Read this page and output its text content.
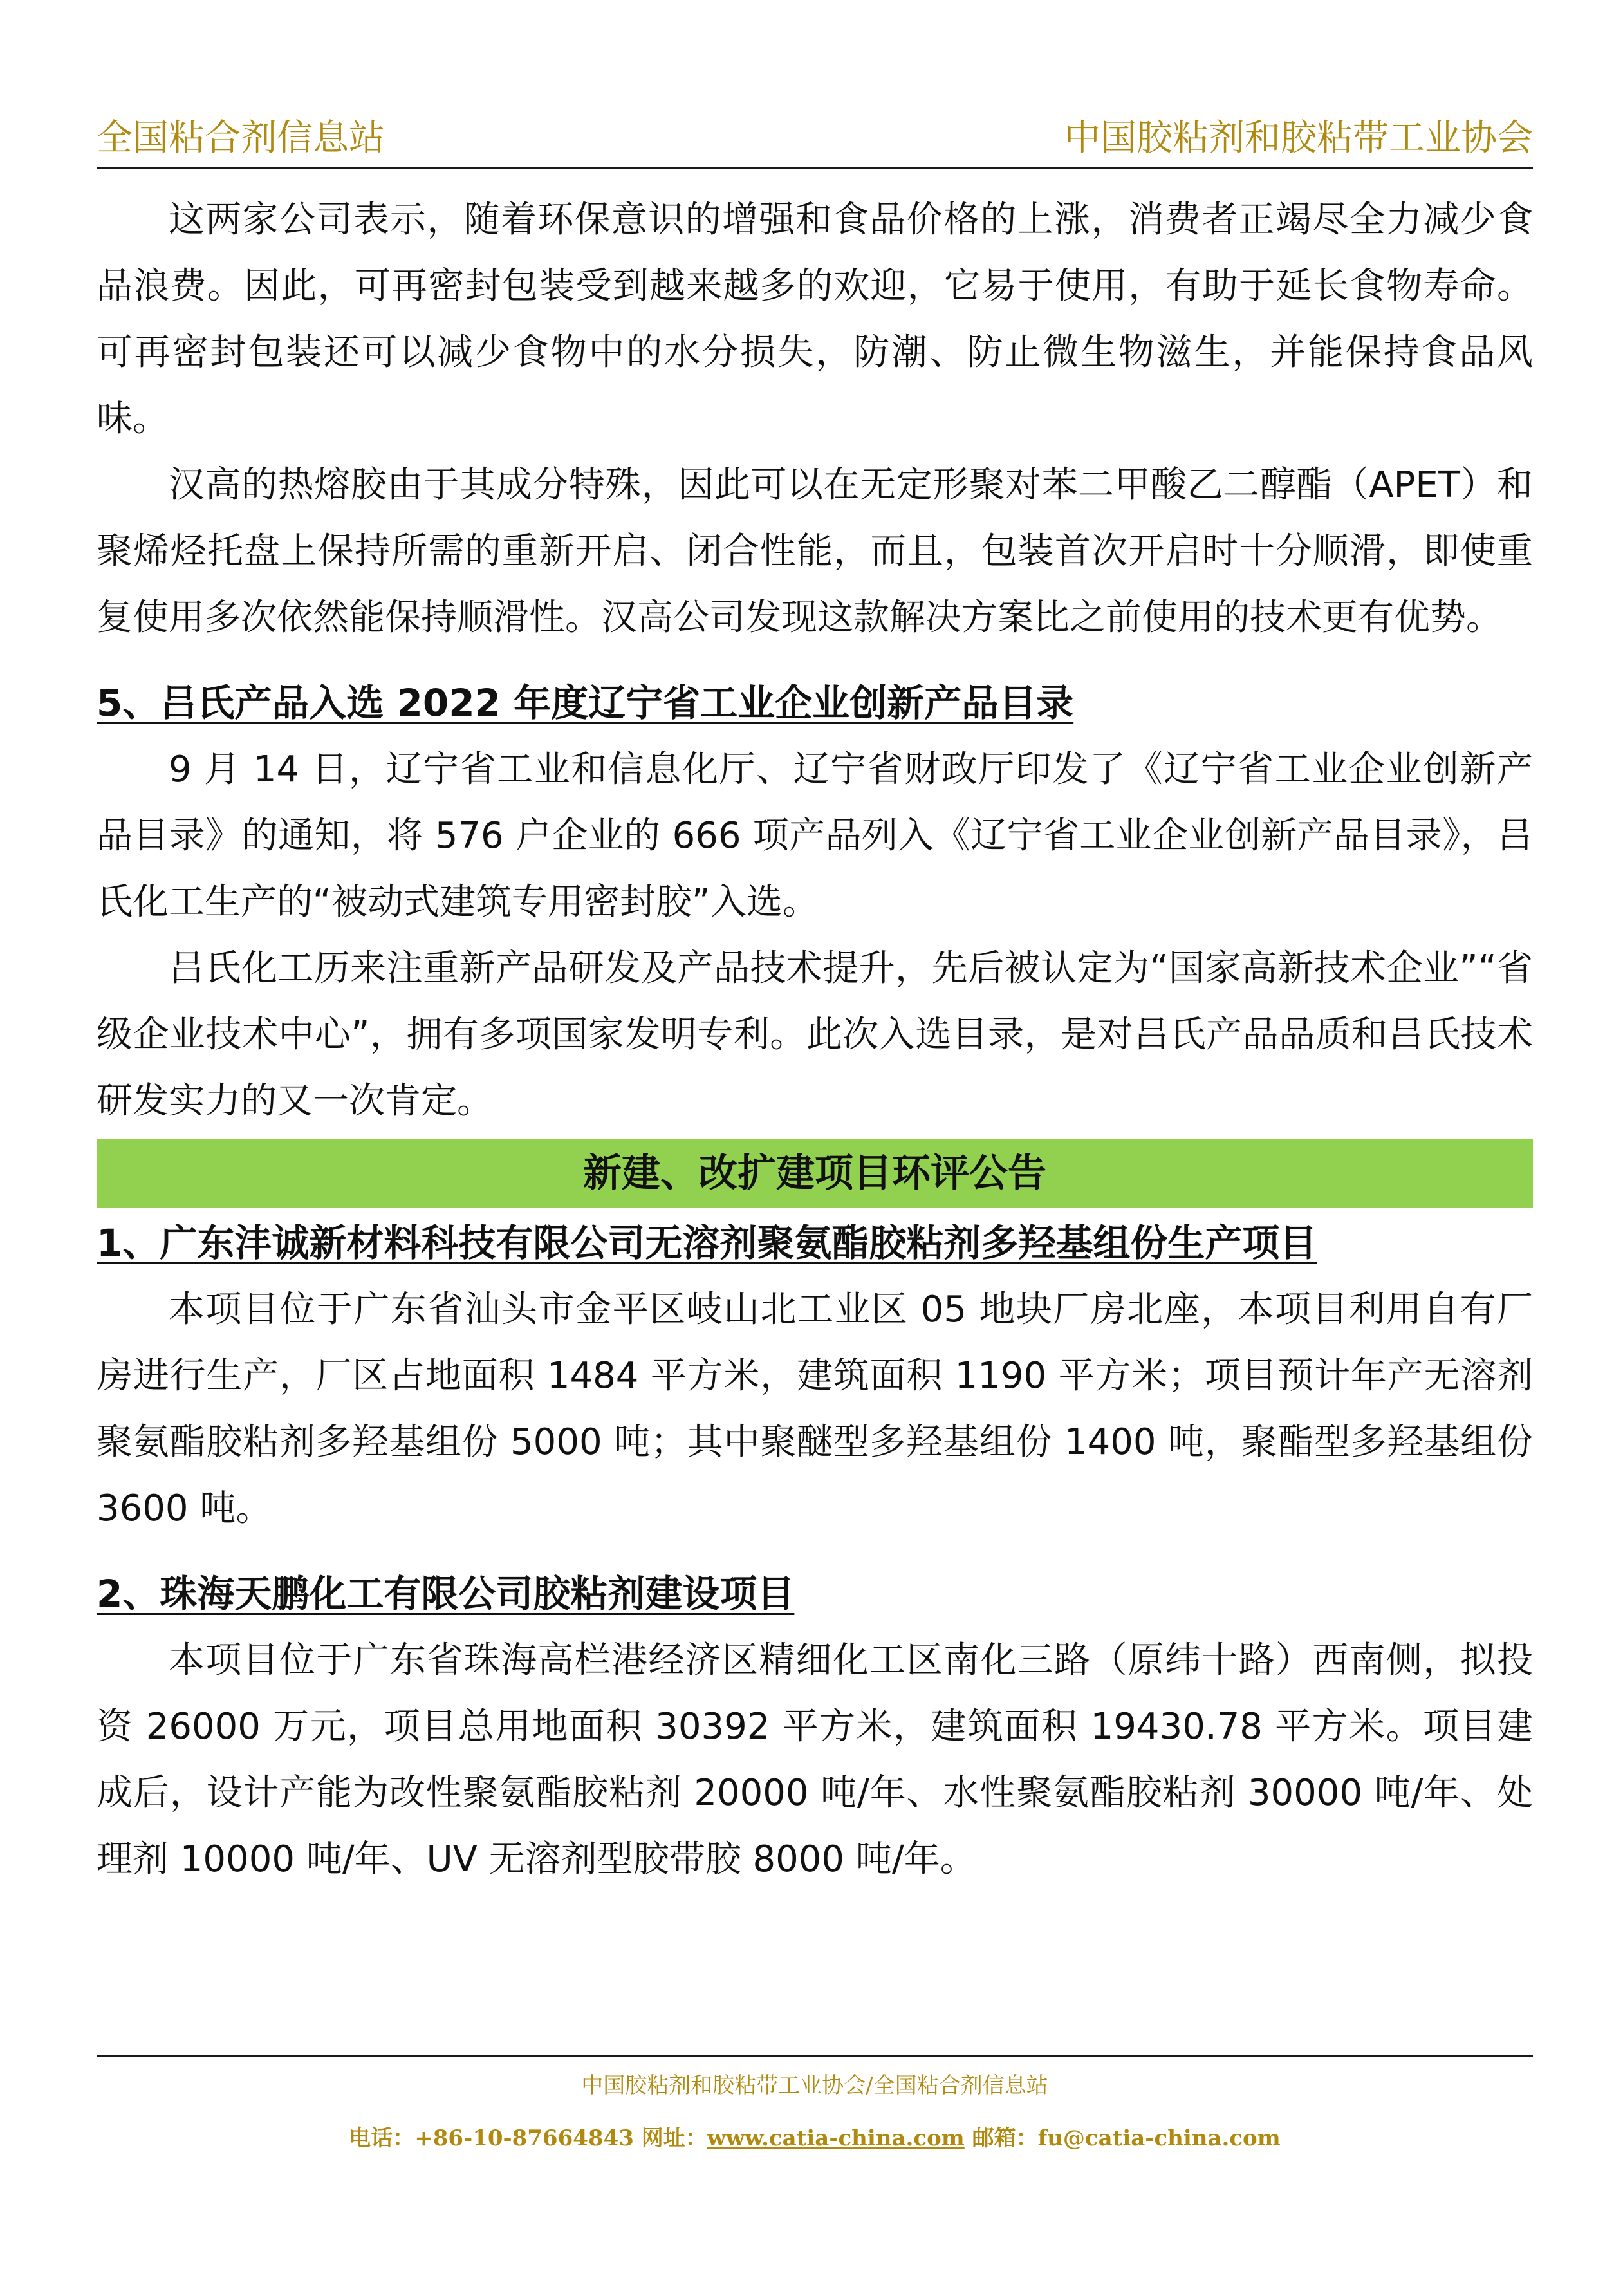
全国粘合剂信息站	中国胶粘剂和胶粘带工业协会

这两家公司表示，随着环保意识的增强和食品价格的上涨，消费者正竭尽全力减少食品浪费。因此，可再密封包装受到越来越多的欢迎，它易于使用，有助于延长食物寿命。可再密封包装还可以减少食物中的水分损失，防潮、防止微生物滋生，并能保持食品风味。

汉高的热熔胶由于其成分特殊，因此可以在无定形聚对苯二甲酸乙二醇酯（APET）和聚烯烃托盘上保持所需的重新开启、闭合性能，而且，包装首次开启时十分顺滑，即使重复使用多次依然能保持顺滑性。汉高公司发现这款解决方案比之前使用的技术更有优势。

5、吕氏产品入选 2022 年度辽宁省工业企业创新产品目录

9 月 14 日，辽宁省工业和信息化厅、辽宁省财政厅印发了《辽宁省工业企业创新产品目录》的通知，将 576 户企业的 666 项产品列入《辽宁省工业企业创新产品目录》，吕氏化工生产的“被动式建筑专用密封胶”入选。

吕氏化工历来注重新产品研发及产品技术提升，先后被认定为“国家高新技术企业”“省级企业技术中心”，拥有多项国家发明专利。此次入选目录，是对吕氏产品品质和吕氏技术研发实力的又一次肯定。

新建、改扩建项目环评公告
1、广东沣诚新材料科技有限公司无溶剂聚氨酯胶粘剂多羟基组份生产项目

本项目位于广东省汕头市金平区岐山北工业区 05 地块厂房北座，本项目利用自有厂房进行生产，厂区占地面积 1484 平方米，建筑面积 1190 平方米；项目预计年产无溶剂聚氨酯胶粘剂多羟基组份 5000 吨；其中聚醚型多羟基组份 1400 吨，聚酯型多羟基组份 3600 吨。

2、珠海天鹏化工有限公司胶粘剂建设项目

本项目位于广东省珠海高栏港经济区精细化工区南化三路（原纬十路）西南侧，拟投资 26000 万元，项目总用地面积 30392 平方米，建筑面积 19430.78 平方米。项目建成后，设计产能为改性聚氨酯胶粘剂 20000 吨/年、水性聚氨酯胶粘剂 30000 吨/年、处理剂 10000 吨/年、UV 无溶剂型胶带胶 8000 吨/年。

中国胶粘剂和胶粘带工业协会/全国粘合剂信息站
电话：+86-10-87664843 网址：www.catia-china.com 邮箱：fu@catia-china.com
